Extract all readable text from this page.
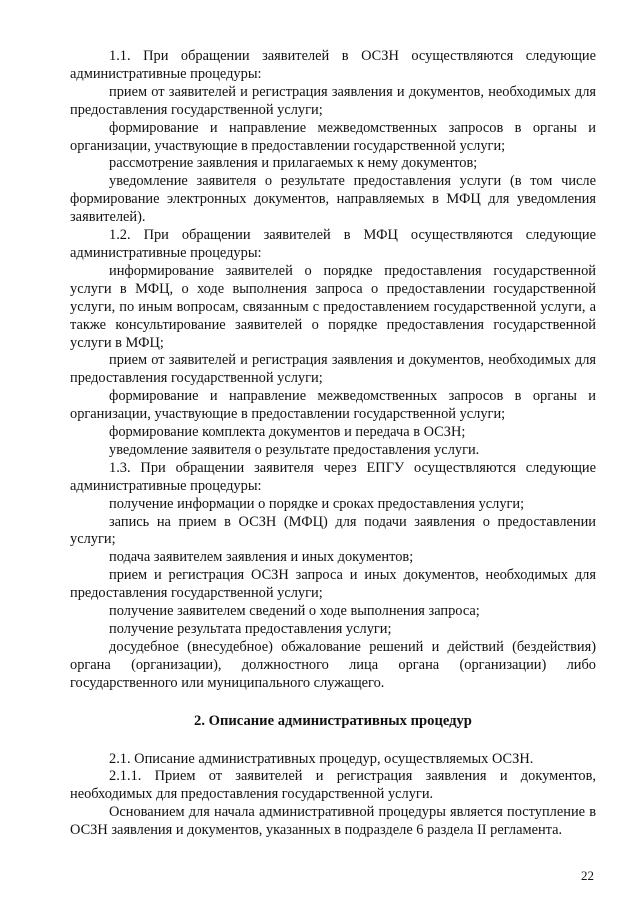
1.1. При обращении заявителей в ОСЗН осуществляются следующие административные процедуры:

прием от заявителей и регистрация заявления и документов, необходимых для предоставления государственной услуги;

формирование и направление межведомственных запросов в органы и организации, участвующие в предоставлении государственной услуги;

рассмотрение заявления и прилагаемых к нему документов;

уведомление заявителя о результате предоставления услуги (в том числе формирование электронных документов, направляемых в МФЦ для уведомления заявителей).

1.2. При обращении заявителей в МФЦ осуществляются следующие административные процедуры:

информирование заявителей о порядке предоставления государственной услуги в МФЦ, о ходе выполнения запроса о предоставлении государственной услуги, по иным вопросам, связанным с предоставлением государственной услуги, а также консультирование заявителей о порядке предоставления государственной услуги в МФЦ;

прием от заявителей и регистрация заявления и документов, необходимых для предоставления государственной услуги;

формирование и направление межведомственных запросов в органы и организации, участвующие в предоставлении государственной услуги;

формирование комплекта документов и передача в ОСЗН;

уведомление заявителя о результате предоставления услуги.

1.3. При обращении заявителя через ЕПГУ осуществляются следующие административные процедуры:

получение информации о порядке и сроках предоставления услуги;

запись на прием в ОСЗН (МФЦ) для подачи заявления о предоставлении услуги;

подача заявителем заявления и иных документов;

прием и регистрация ОСЗН запроса и иных документов, необходимых для предоставления государственной услуги;

получение заявителем сведений о ходе выполнения запроса;

получение результата предоставления услуги;

досудебное (внесудебное) обжалование решений и действий (бездействия) органа (организации), должностного лица органа (организации) либо государственного или муниципального служащего.

2. Описание административных процедур

2.1. Описание административных процедур, осуществляемых ОСЗН.

2.1.1. Прием от заявителей и регистрация заявления и документов, необходимых для предоставления государственной услуги.

Основанием для начала административной процедуры является поступление в ОСЗН заявления и документов, указанных в подразделе 6 раздела II регламента.

22
